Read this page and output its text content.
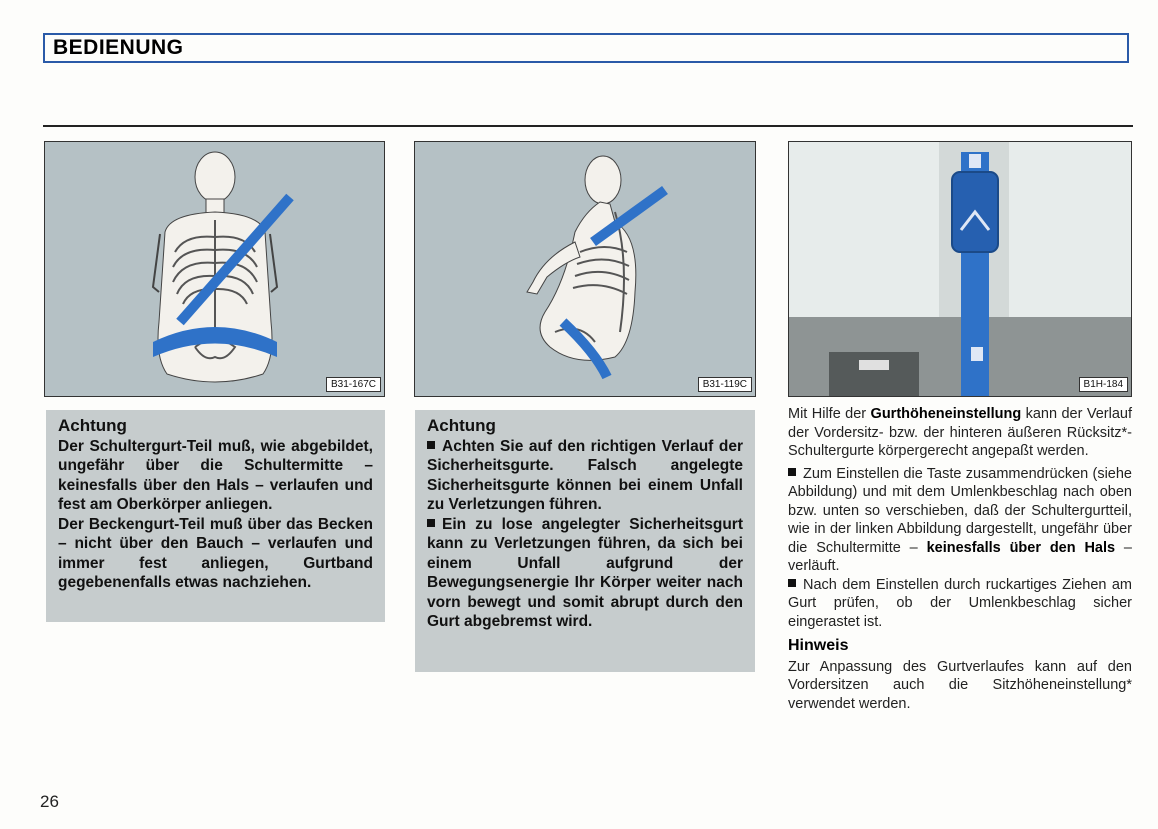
BEDIENUNG
B31-167C	B31-119C	B1H-184

Achtung

Der Schultergurt-Teil muß, wie abgebildet, ungefähr über die Schultermitte – keinesfalls über den Hals – verlaufen und fest am Oberkörper anliegen.

Der Beckengurt-Teil muß über das Becken – nicht über den Bauch – verlaufen und immer fest anliegen, Gurtband gegebenenfalls etwas nachziehen.

Achtung

Achten Sie auf den richtigen Verlauf der Sicherheitsgurte. Falsch angelegte Sicherheitsgurte können bei einem Unfall zu Verletzungen führen.

Ein zu lose angelegter Sicherheitsgurt kann zu Verletzungen führen, da sich bei einem Unfall aufgrund der Bewegungsenergie Ihr Körper weiter nach vorn bewegt und somit abrupt durch den Gurt abgebremst wird.

Mit Hilfe der Gurthöheneinstellung kann der Verlauf der Vordersitz- bzw. der hinteren äußeren Rücksitz*-Schultergurte körpergerecht angepaßt werden.

Zum Einstellen die Taste zusammendrücken (siehe Abbildung) und mit dem Umlenkbeschlag nach oben bzw. unten so verschieben, daß der Schultergurtteil, wie in der linken Abbildung dargestellt, ungefähr über die Schultermitte – keinesfalls über den Hals – verläuft.

Nach dem Einstellen durch ruckartiges Ziehen am Gurt prüfen, ob der Umlenkbeschlag sicher eingerastet ist.

Hinweis

Zur Anpassung des Gurtverlaufes kann auf den Vordersitzen auch die Sitzhöheneinstellung* verwendet werden.

26
